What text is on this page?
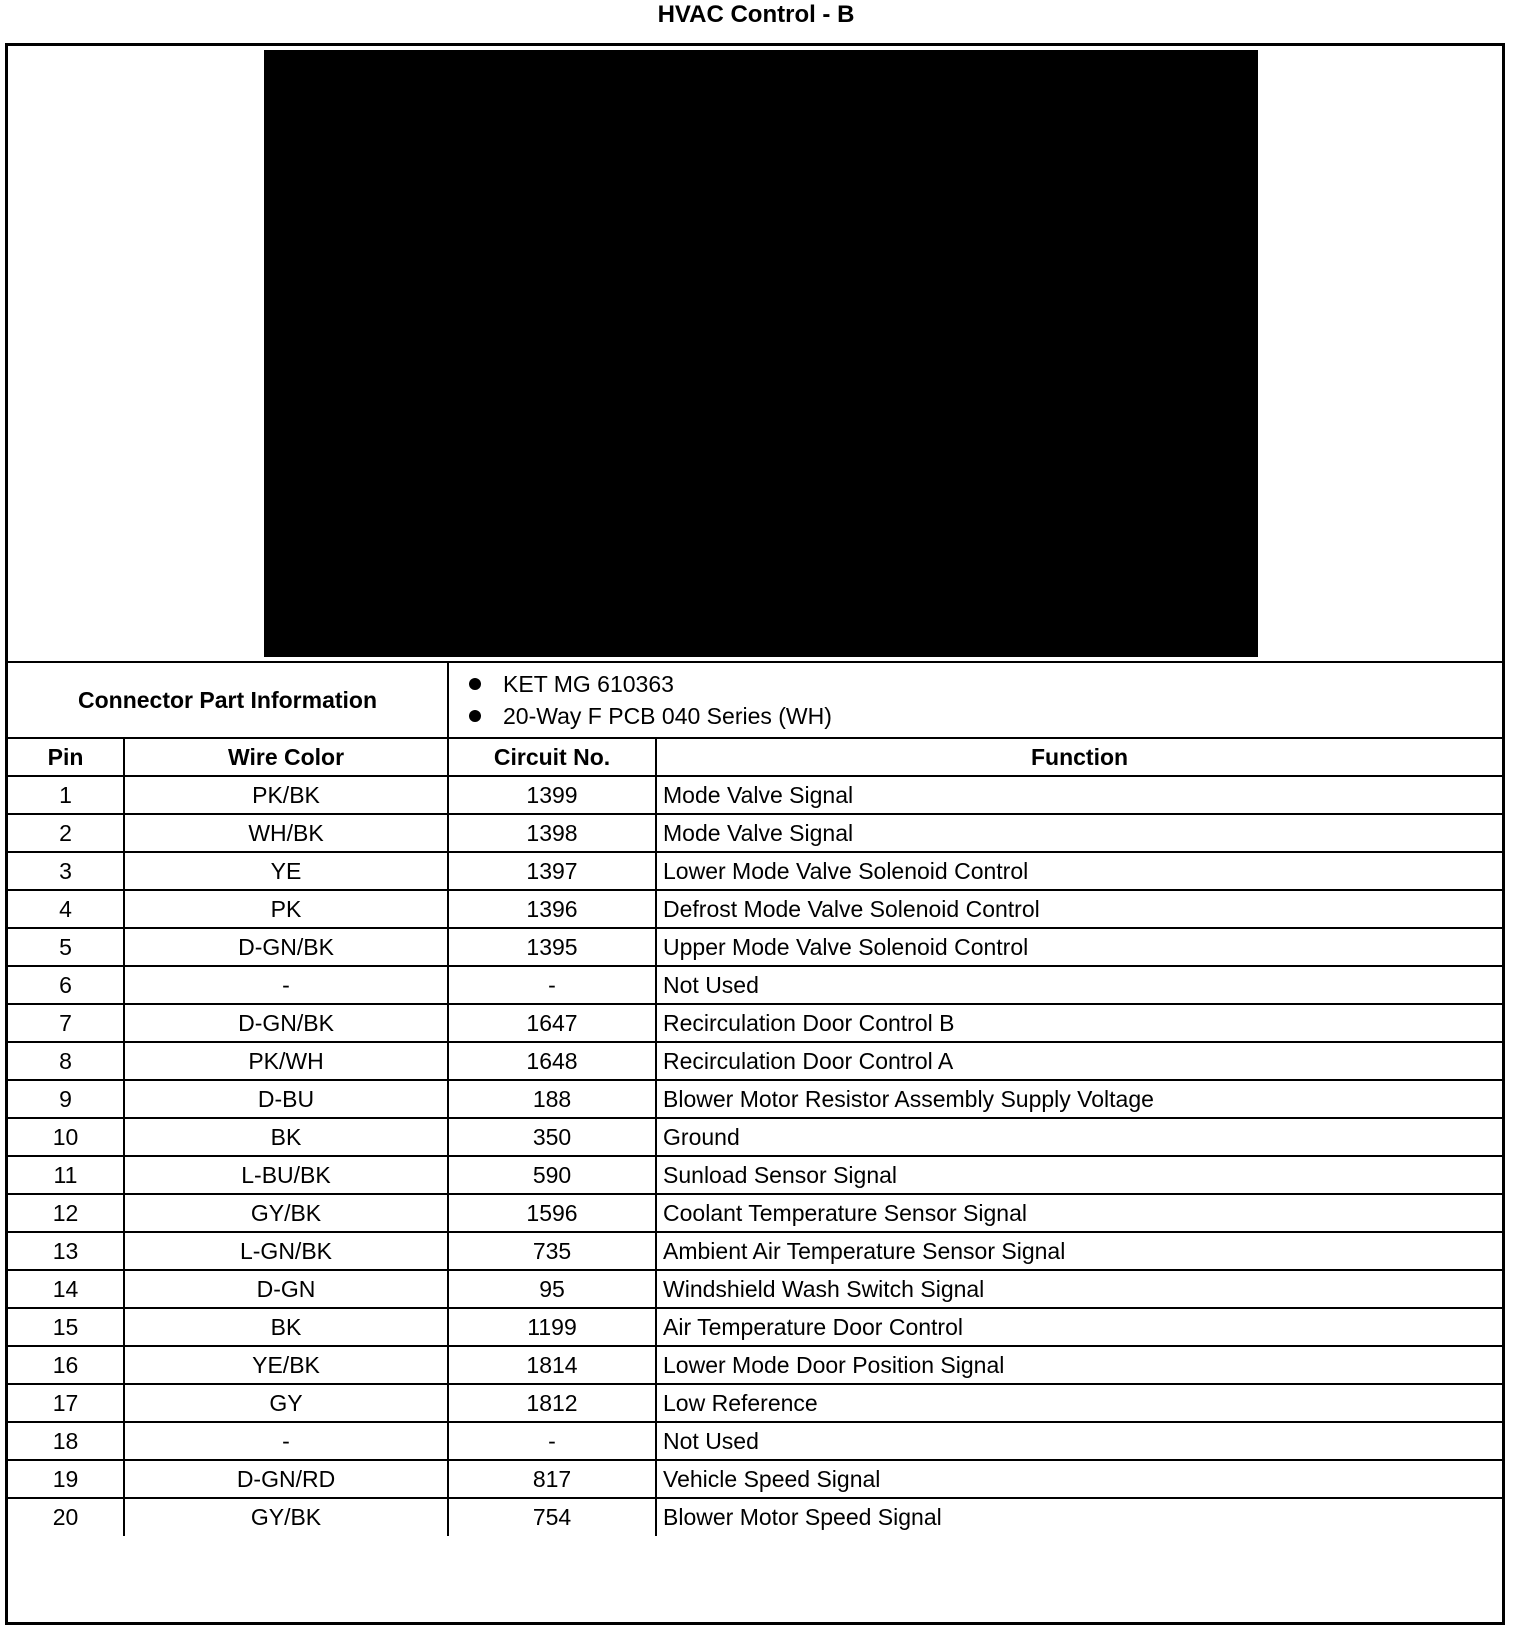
HVAC Control - B
Connector Part Information		KET MG 610363
20-Way F PCB 040 Series (WH)	

Pin	Wire Color	Circuit No.	Function
1	PK/BK	1399	Mode Valve Signal
2	WH/BK	1398	Mode Valve Signal
3	YE	1397	Lower Mode Valve Solenoid Control
4	PK	1396	Defrost Mode Valve Solenoid Control
5	D-GN/BK	1395	Upper Mode Valve Solenoid Control
6	-	-	Not Used
7	D-GN/BK	1647	Recirculation Door Control B
8	PK/WH	1648	Recirculation Door Control A
9	D-BU	188	Blower Motor Resistor Assembly Supply Voltage
10	BK	350	Ground
11	L-BU/BK	590	Sunload Sensor Signal
12	GY/BK	1596	Coolant Temperature Sensor Signal
13	L-GN/BK	735	Ambient Air Temperature Sensor Signal
14	D-GN	95	Windshield Wash Switch Signal
15	BK	1199	Air Temperature Door Control
16	YE/BK	1814	Lower Mode Door Position Signal
17	GY	1812	Low Reference
18	-	-	Not Used
19	D-GN/RD	817	Vehicle Speed Signal
20	GY/BK	754	Blower Motor Speed Signal
